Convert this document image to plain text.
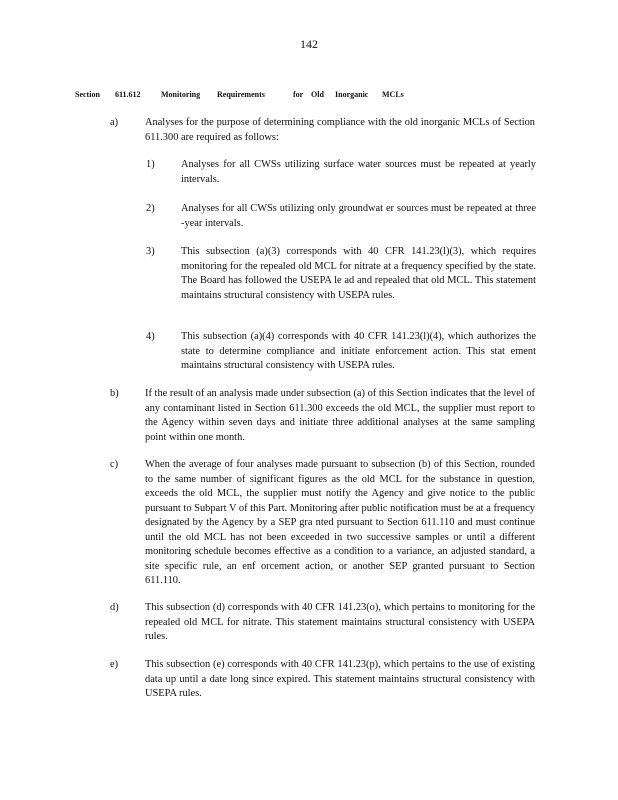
142
Section 611.612	Monitoring Requirements	for Old Inorganic MCLs
a)	Analyses for the purpose of determining compliance with the old inorganic MCLs of Section 611.300 are required as follows:
1)	Analyses for all CWSs utilizing surface water sources must be repeated at yearly intervals.
2)	Analyses for all CWSs utilizing only groundwat er sources must be repeated at three -year intervals.
3)	This subsection (a)(3) corresponds with 40 CFR 141.23(l)(3), which requires monitoring for the repealed old MCL for nitrate at a frequency specified by the state. The Board has followed the USEPA le ad and repealed that old MCL. This statement maintains structural consistency with USEPA rules.
4)	This subsection (a)(4) corresponds with 40 CFR 141.23(l)(4), which authorizes the state to determine compliance and initiate enforcement action. This stat ement maintains structural consistency with USEPA rules.
b)	If the result of an analysis made under subsection (a) of this Section indicates that the level of any contaminant listed in Section 611.300 exceeds the old MCL, the supplier must report to the Agency within seven days and initiate three additional analyses at the same sampling point within one month.
c)	When the average of four analyses made pursuant to subsection (b) of this Section, rounded to the same number of significant figures as the old MCL for the substance in question, exceeds the old MCL, the supplier must notify the Agency and give notice to the public pursuant to Subpart V of this Part. Monitoring after public notification must be at a frequency designated by the Agency by a SEP gra nted pursuant to Section 611.110 and must continue until the old MCL has not been exceeded in two successive samples or until a different monitoring schedule becomes effective as a condition to a variance, an adjusted standard, a site specific rule, an enf orcement action, or another SEP granted pursuant to Section 611.110.
d)	This subsection (d) corresponds with 40 CFR 141.23(o), which pertains to monitoring for the repealed old MCL for nitrate. This statement maintains structural consistency with USEPA rules.
e)	This subsection (e) corresponds with 40 CFR 141.23(p), which pertains to the use of existing data up until a date long since expired. This statement maintains structural consistency with USEPA rules.
